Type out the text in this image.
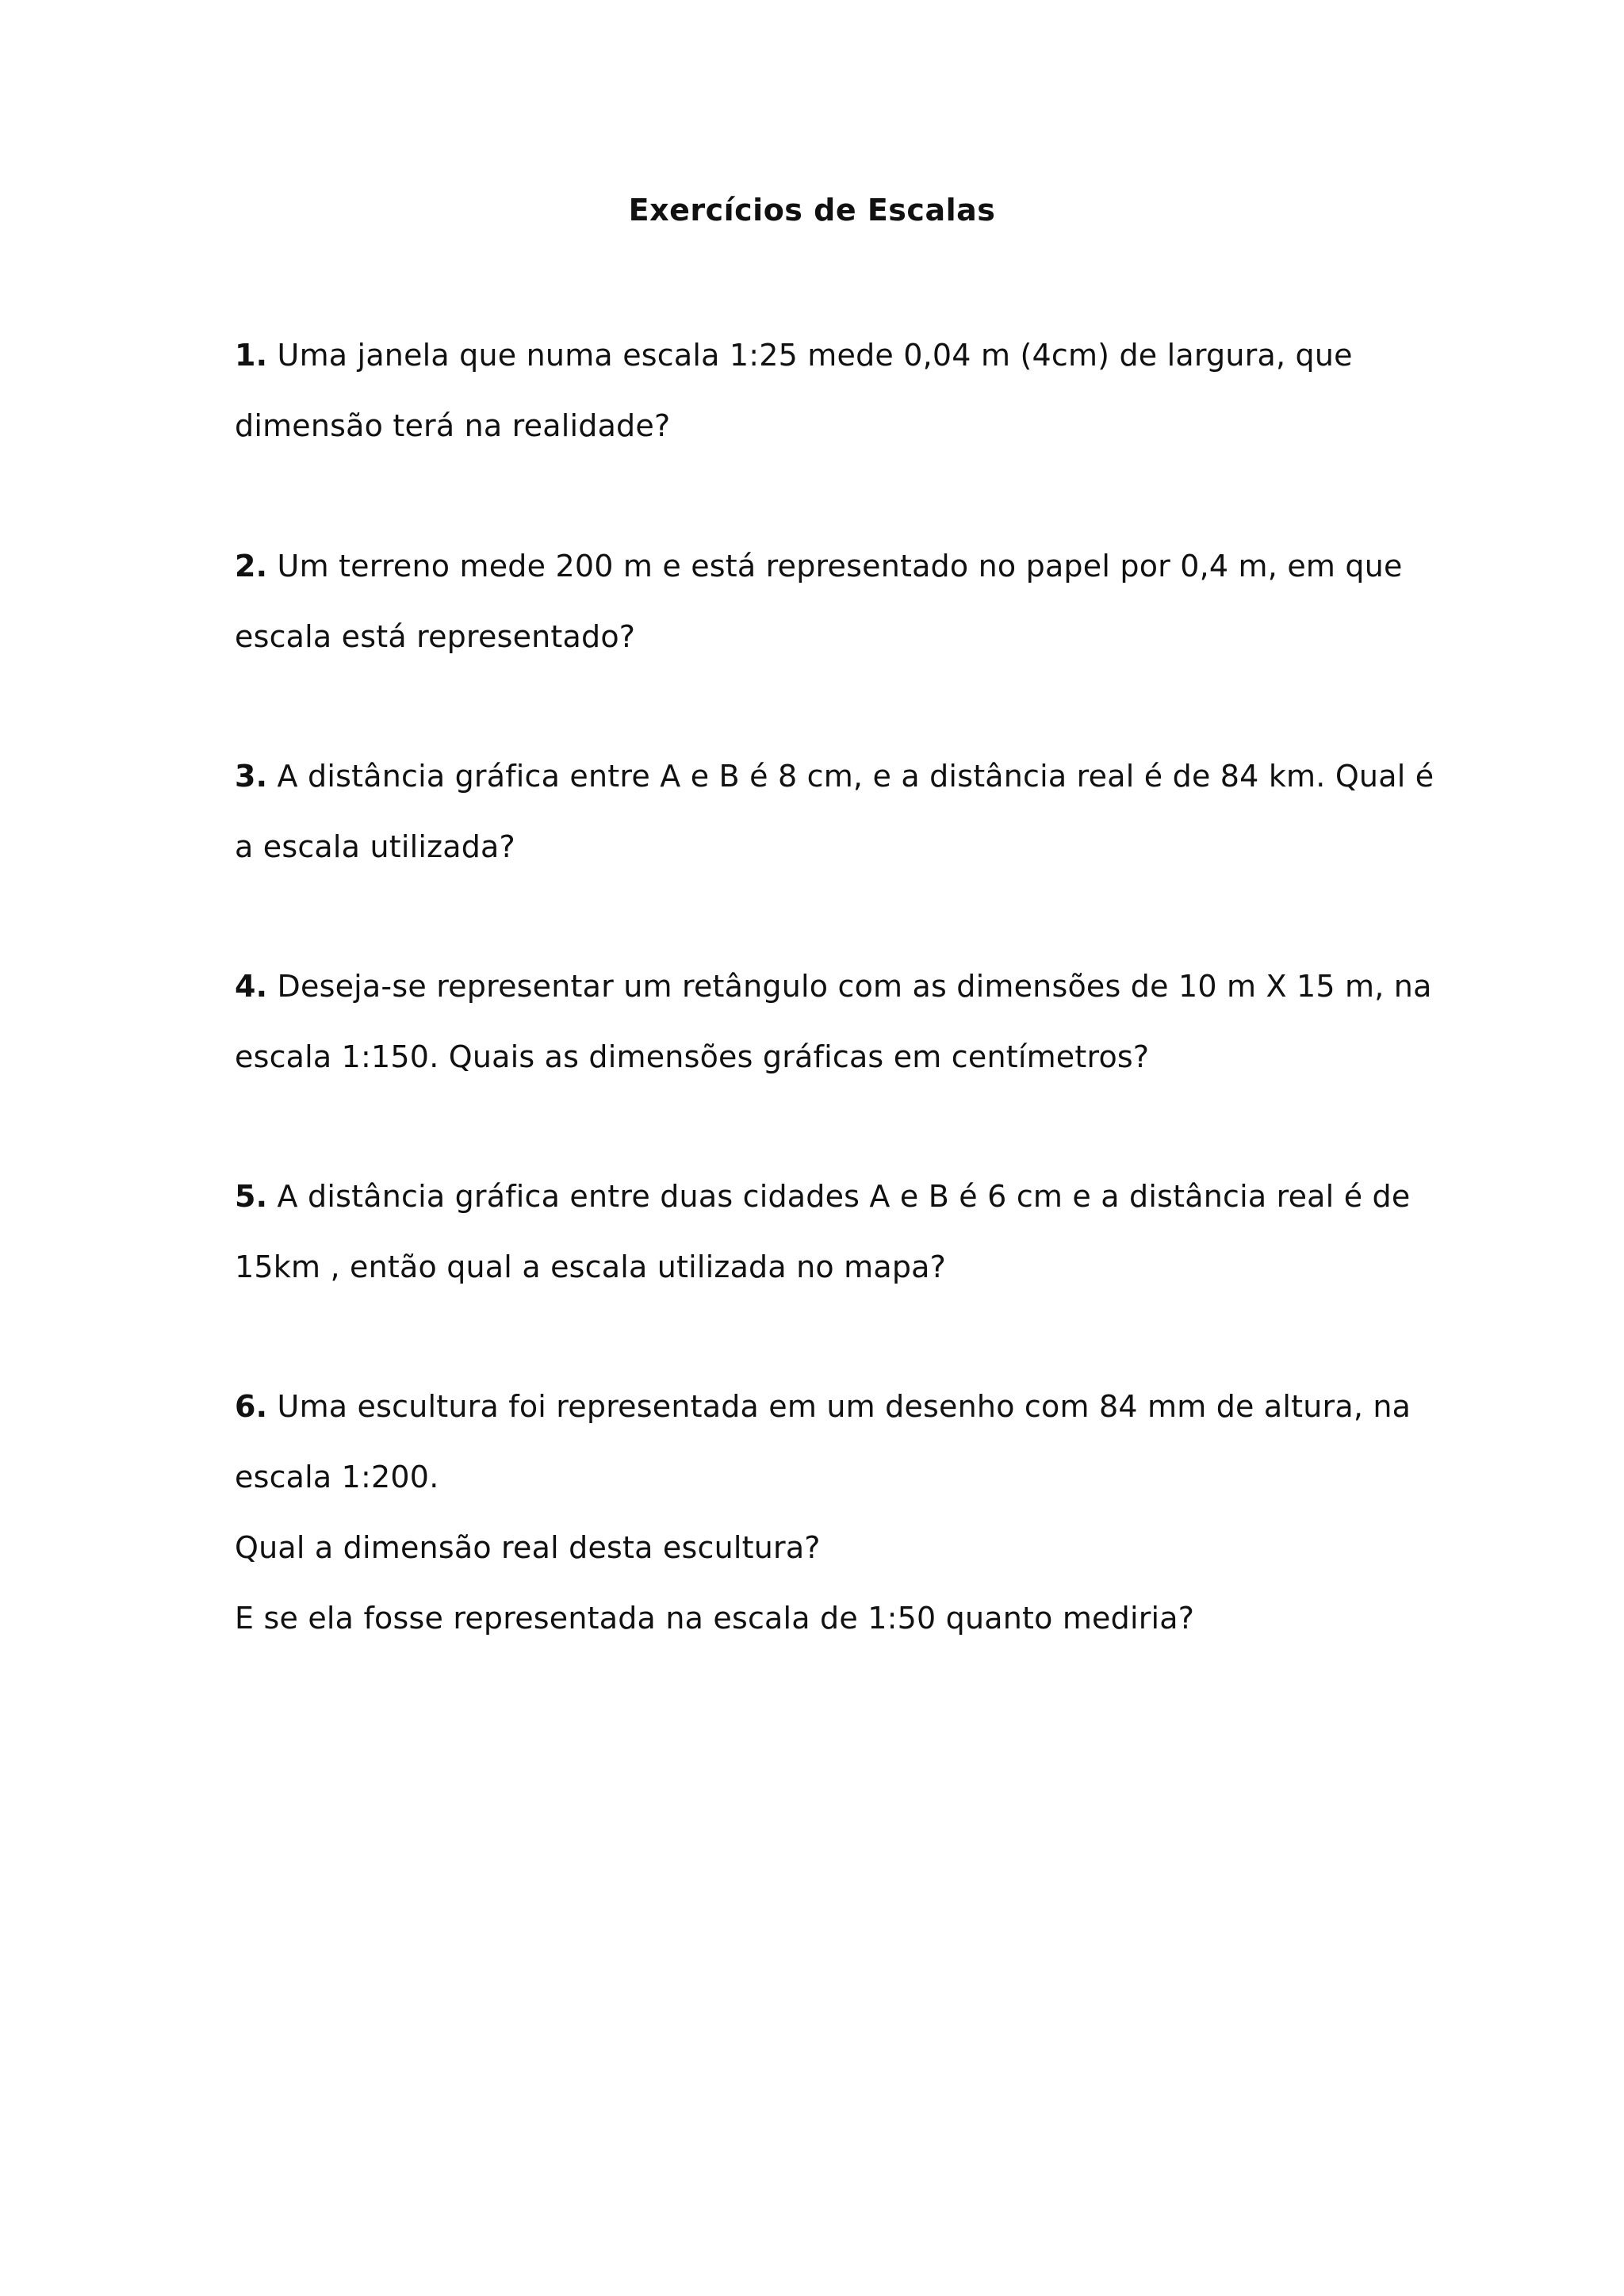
Exercícios de Escalas
1. Uma janela que numa escala 1:25 mede 0,04 m (4cm) de largura, que
dimensão terá na realidade?
2. Um terreno mede 200 m e está representado no papel por 0,4 m, em que
escala está representado?
3. A distância gráfica entre A e B é 8 cm, e a distância real é de 84 km. Qual é
a escala utilizada?
4. Deseja-se representar um retângulo com as dimensões de 10 m X 15 m, na
escala 1:150. Quais as dimensões gráficas em centímetros?
5. A distância gráfica entre duas cidades A e B é 6 cm e a distância real é de
15km , então qual a escala utilizada no mapa?
6. Uma escultura foi representada em um desenho com 84 mm de altura, na
escala 1:200.
Qual a dimensão real desta escultura?
E se ela fosse representada na escala de 1:50 quanto mediria?
